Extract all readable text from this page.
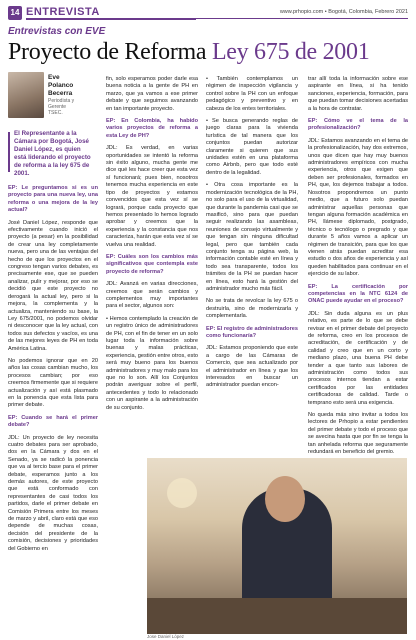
14 ENTREVISTA	www.prhopio.com • Bogotá, Colombia, Febrero 2021
Entrevistas con EVE
Proyecto de Reforma Ley 675 de 2001
Eve
Polanco
Becerra
Periodista y
Gerente
TSEC.
El Representante a la Cámara por Bogotá, José Daniel López, es quien está liderando el proyecto de reforma a la ley 675 de 2001.

EP: Le preguntamos si es un proyecto para una nueva ley, una reforma o una mejora de la ley actual?

José Daniel López, responde que efectivamente cuando inició el proyecto (a pesar) en la posibilidad de crear una ley completamente nueva, pero una de las ventajas del hecho de que los proyectos en el congreso tengan varios debates, es precisamente ese, que se pueden analizar, pulir y mejorar, por eso se decidió que este proyecto no derogará la actual ley, pero si la mejora, la complementa y la actualiza, manteniendo su base, la Ley 675/2001, no podemos olvidar ni desconocer que la ley actual, con todos sus defectos y vacíos, es una de las mejores leyes de PH en toda América Latina.

No podemos ignorar que en 20 años las cosas cambian mucho, los procesos cambian; por eso creemos firmemente que si requiere actualización y así está plasmado en la ponencia que esta lista para primer debate.

EP: Cuando se hará el primer debate?

JDL: Un proyecto de ley necesita cuatro debates para ser aprobado, dos en la Cámara y dos en el Senado, ya se radicó la ponencia que va al tercio base para el primer debate, esperamos junto a los demás autores, de este proyecto que está conformado con representantes de casi todos los partidos, darle el primer debate en Comisión Primera entre los meses de marzo y abril, claro está que eso depende de muchas cosas, decisión del presidente de la comisión, decisiones y prioridades del Gobierno en

fin, solo esperamos poder darle esa buena noticia a la gente de PH en marzo, que ya vamos a ese primer debate y que seguimos avanzando en tan importante proyecto.

EP: En Colombia, ha habido varios proyectos de reforma a esta Ley de PH?

JDL: Es verdad, en varias oportunidades se intentó la reforma sin éxito alguno, mucha gente me dice qué les hace creer que esta vez sí funcionará; pues bien, nosotros tenemos mucha experiencia en este tipo de proyectos y estamos convencidos que esta vez sí se logrará, porque cada proyecto que hemos presentado lo hemos logrado aprobar y creemos que la experiencia y la constancia que nos caracteriza, harán que esta vez sí se vuelva una realidad.

EP: Cuáles son los cambios más significativos que contempla este proyecto de reforma?

JDL: Avanzá en varias direcciones, creemos que serán cambios y complementos muy importantes para el sector, algunos son:

• Hemos contemplado la creación de un registro único de administradores de PH, con el fin de tener en un solo lugar toda la información sobre buenas y malas prácticas, experiencia, gestión entre otros, esto será muy bueno para los buenos administradores y muy malo para los que no lo son. Allí los Conjuntos podrán averiguar sobre el perfil, antecedentes y todo lo relacionado con un aspirante a la administración de su conjunto.

• También contemplamos un régimen de inspección vigilancia y control sobre la PH con un enfoque pedagógico y preventivo y en cabeza de los entes territoriales.

• Se busca generando reglas de juego claras para la vivienda turística de tal manera que los conjuntos puedan autorizar claramente si quieren que sus unidades estén en una plataforma como Airbnb, pero que todo esté dentro de la legalidad.

• Otra cosa importante es la modernización tecnológica de la PH, no solo para el uso de la virtualidad, que durante la pandemia casi que se masificó, sino para que puedan seguir realizando las asambleas, reuniones de consejo virtualmente y que tengan sin ninguna dificultad legal, pero que también cada conjunto tenga su página web, la información contable esté en línea y todo sea transparente, todos los trámites de la PH se puedan hacer en línea, esto hará la gestión del administrador mucho más fácil.

No se trata de revolcar la ley 675 o destruirla, sino de modernizarla y complementarla.

EP: El registro de administradores como funcionaría?

JDL: Estamos proponiendo que este a cargo de las Cámaras de Comercio, que sea actualizado por el administrador en línea y que los interesados en buscar un administrador puedan encon-

trar allí toda la información sobre ese aspirante en línea, si ha tenido sanciones, experiencia, formación, para que puedan tomar decisiones acertadas a la hora de contratar.

EP: Cómo ve el tema de la profesionalización?

JDL: Estamos avanzando en el tema de la profesionalización, hay dos extremos, unos que dicen que hay muy buenos administradores empíricos con mucha experiencia, otros que exigen que deben ser profesionales, formados en PH, que, los dejemos trabajar a todos. Nosotros propondremos un punto medio, que a futuro solo puedan administrar aquellas personas que tengan alguna formación académica en PH, llámese diplomado, postgrado, técnico o tecnólogo o pregrado y que durante 5 años vamos a aplicar un régimen de transición, para que los que vienen atrás puedan acreditar esa estudio o dos años de experiencia y así queden habilitados para continuar en el ejercicio de su labor.

EP: La certificación por competencias en la NTC 6124 de ONAC puede ayudar en el proceso?

JDL: Sin duda alguna es un plus relativo, es parte de lo que se debe revisar en el primer debate del proyecto de reforma, creo en los procesos de acreditación, de certificación y de calidad y creo que en un corto y mediano plazo, una buena PH debe tender a que tanto sus labores de administración como todos sus procesos internos tiendan a estar certificados por las entidades certificadoras de calidad. Tarde o temprano esto será una exigencia.

No queda más sino invitar a todos los lectores de Prhopio a estar pendientes del primer debate y todo el proceso que se avecina hasta que por fin se tenga la tan anhelada reforma que seguramente redundará en beneficio del gremio.

Jose Daniel López
